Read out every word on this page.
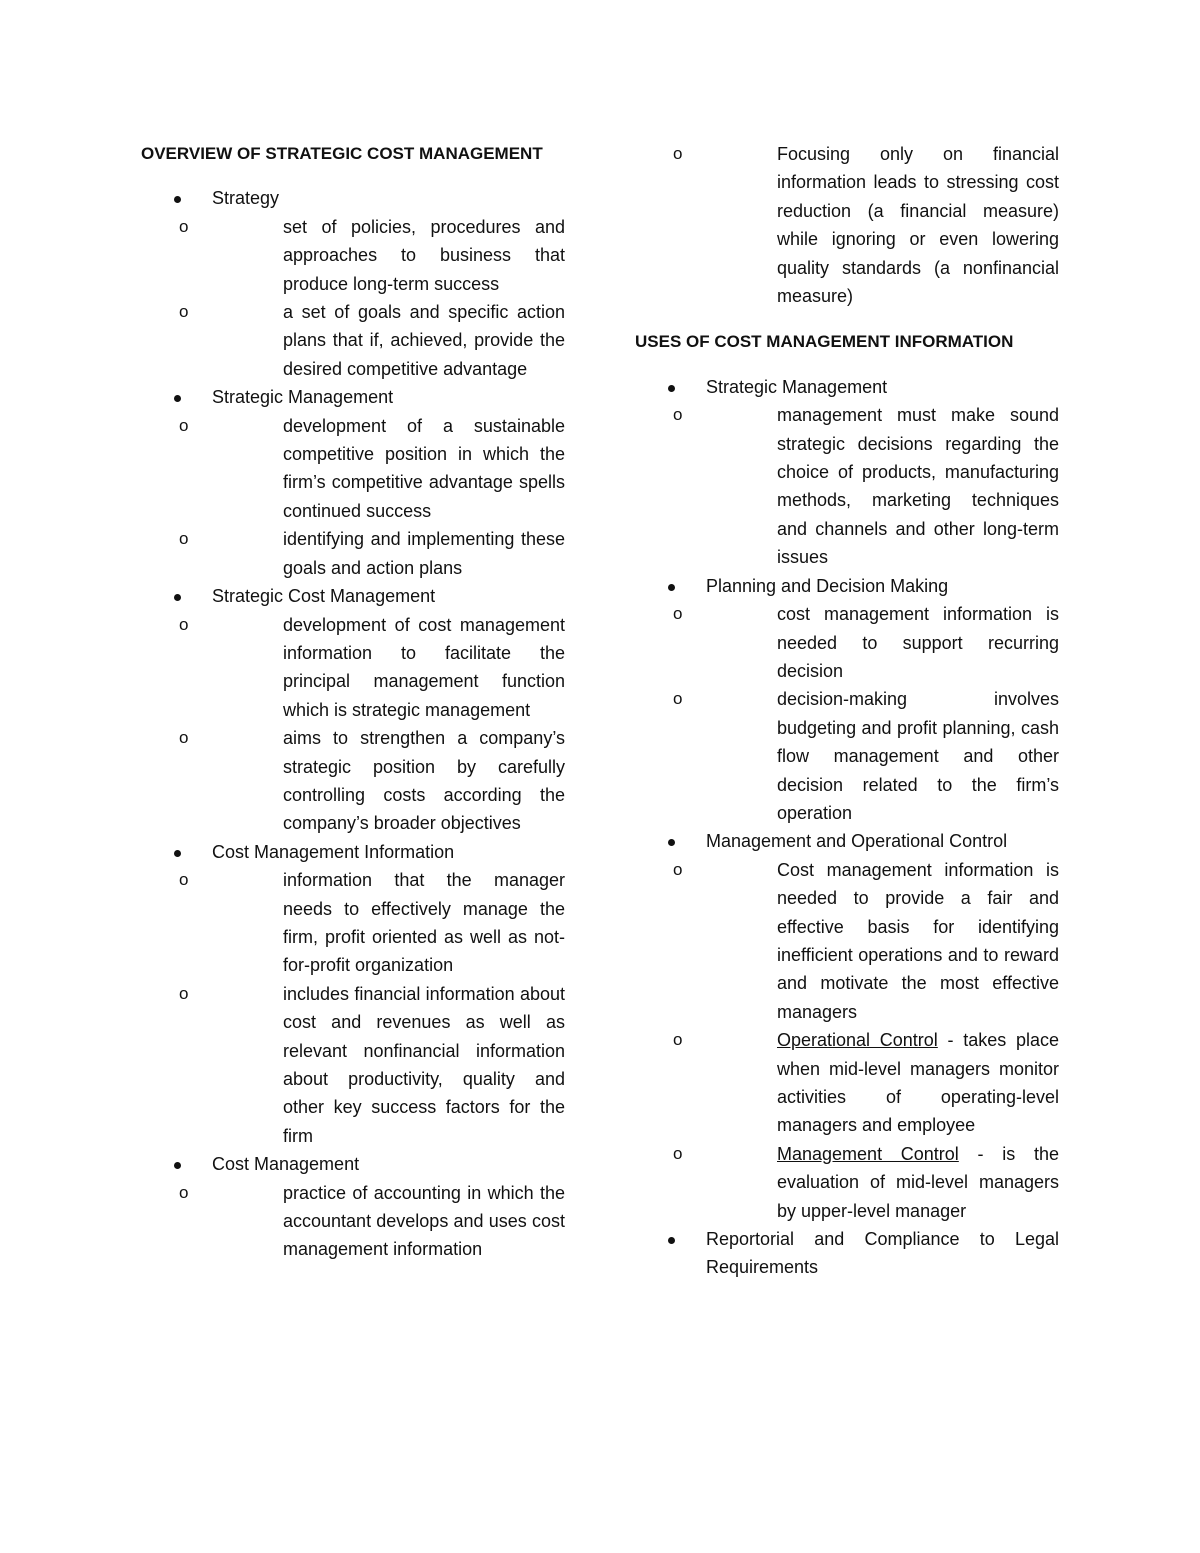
OVERVIEW OF STRATEGIC COST MANAGEMENT
Strategy
o	set of policies, procedures and approaches to business that produce long-term success
o	a set of goals and specific action plans that if, achieved, provide the desired competitive advantage
Strategic Management
o	development of a sustainable competitive position in which the firm’s competitive advantage spells continued success
o	identifying and implementing these goals and action plans
Strategic Cost Management
o	development of cost management information to facilitate the principal management function which is strategic management
o	aims to strengthen a company’s strategic position by carefully controlling costs according the company’s broader objectives
Cost Management Information
o	information that the manager needs to effectively manage the firm, profit oriented as well as not-for-profit organization
o	includes financial information about cost and revenues as well as relevant nonfinancial information about productivity, quality and other key success factors for the firm
Cost Management
o	practice of accounting in which the accountant develops and uses cost management information
o	Focusing only on financial information leads to stressing cost reduction (a financial measure) while ignoring or even lowering quality standards (a nonfinancial measure)
USES OF COST MANAGEMENT INFORMATION
Strategic Management
o	management must make sound strategic decisions regarding the choice of products, manufacturing methods, marketing techniques and channels and other long-term issues
Planning and Decision Making
o	cost management information is needed to support recurring decision
o	decision-making involves budgeting and profit planning, cash flow management and other decision related to the firm’s operation
Management and Operational Control
o	Cost management information is needed to provide a fair and effective basis for identifying inefficient operations and to reward and motivate the most effective managers
o	Operational Control - takes place when mid-level managers monitor activities of operating-level managers and employee
o	Management Control - is the evaluation of mid-level managers by upper-level manager
Reportorial and Compliance to Legal Requirements
